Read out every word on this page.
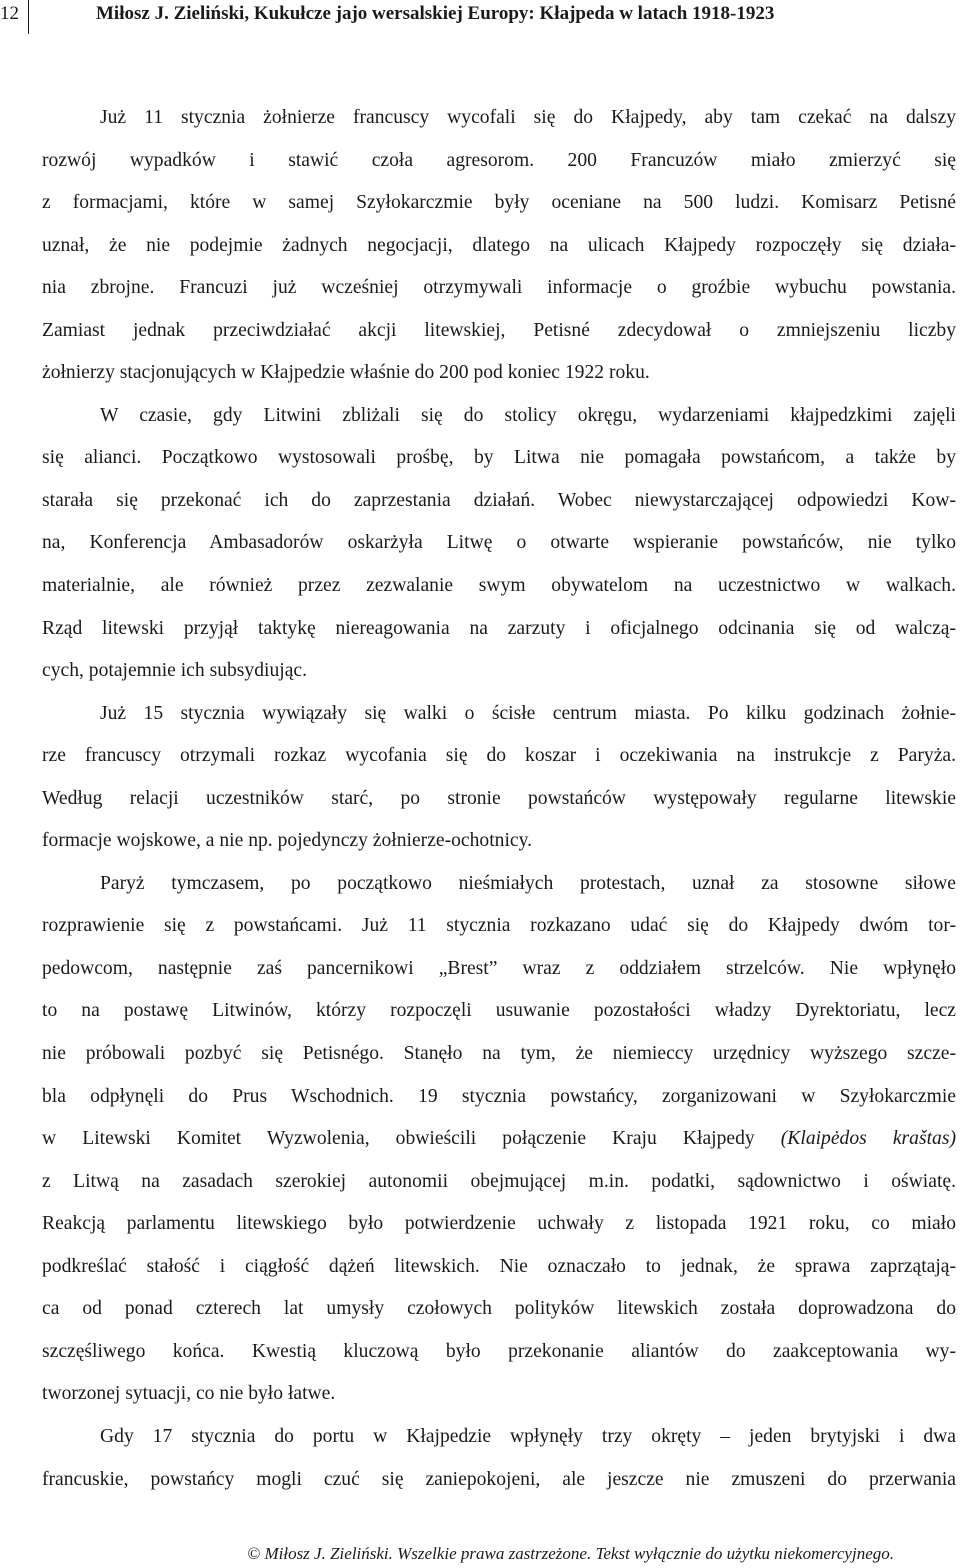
12	Miłosz J. Zieliński, Kukułcze jajo wersalskiej Europy: Kłajpeda w latach 1918-1923
Już 11 stycznia żołnierze francuscy wycofali się do Kłajpedy, aby tam czekać na dalszy
rozwój wypadków i stawić czoła agresorom. 200 Francuzów miało zmierzyć się
z formacjami, które w samej Szyłokarczmie były oceniane na 500 ludzi. Komisarz Petisné
uznał, że nie podejmie żadnych negocjacji, dlatego na ulicach Kłajpedy rozpoczęły się działa-
nia zbrojne. Francuzi już wcześniej otrzymywali informacje o groźbie wybuchu powstania.
Zamiast jednak przeciwdziałać akcji litewskiej, Petisné zdecydował o zmniejszeniu liczby
żołnierzy stacjonujących w Kłajpedzie właśnie do 200 pod koniec 1922 roku.
W czasie, gdy Litwini zbliżali się do stolicy okręgu, wydarzeniami kłajpedzkimi zajęli
się alianci. Początkowo wystosowali prośbę, by Litwa nie pomagała powstańcom, a także by
starała się przekonać ich do zaprzestania działań. Wobec niewystarczającej odpowiedzi Kow-
na, Konferencja Ambasadorów oskarżyła Litwę o otwarte wspieranie powstańców, nie tylko
materialnie, ale również przez zezwalanie swym obywatelom na uczestnictwo w walkach.
Rząd litewski przyjął taktykę niereagowania na zarzuty i oficjalnego odcinania się od walczą-
cych, potajemnie ich subsydiując.
Już 15 stycznia wywiązały się walki o ścisłe centrum miasta. Po kilku godzinach żołnie-
rze francuscy otrzymali rozkaz wycofania się do koszar i oczekiwania na instrukcje z Paryża.
Według relacji uczestników starć, po stronie powstańców występowały regularne litewskie
formacje wojskowe, a nie np. pojedynczy żołnierze-ochotnicy.
Paryż tymczasem, po początkowo nieśmiałych protestach, uznał za stosowne siłowe
rozprawienie się z powstańcami. Już 11 stycznia rozkazano udać się do Kłajpedy dwóm tor-
pedowcom, następnie zaś pancernikowi „Brest” wraz z oddziałem strzelców. Nie wpłynęło
to na postawę Litwinów, którzy rozpoczęli usuwanie pozostałości władzy Dyrektoriatu, lecz
nie próbowali pozbyć się Petisnégo. Stanęło na tym, że niemieccy urzędnicy wyższego szcze-
bla odpłynęli do Prus Wschodnich. 19 stycznia powstańcy, zorganizowani w Szyłokarczmie
w Litewski Komitet Wyzwolenia, obwieścili połączenie Kraju Kłajpedy (Klaipėdos kraštas)
z Litwą na zasadach szerokiej autonomii obejmującej m.in. podatki, sądownictwo i oświatę.
Reakcją parlamentu litewskiego było potwierdzenie uchwały z listopada 1921 roku, co miało
podkreślać stałość i ciągłość dążeń litewskich. Nie oznaczało to jednak, że sprawa zaprzątają-
ca od ponad czterech lat umysły czołowych polityków litewskich została doprowadzona do
szczęśliwego końca. Kwestią kluczową było przekonanie aliantów do zaakceptowania wy-
tworzonej sytuacji, co nie było łatwe.
Gdy 17 stycznia do portu w Kłajpedzie wpłynęły trzy okręty – jeden brytyjski i dwa
francuskie, powstańcy mogli czuć się zaniepokojeni, ale jeszcze nie zmuszeni do przerwania
© Miłosz J. Zieliński. Wszelkie prawa zastrzeżone. Tekst wyłącznie do użytku niekomercyjnego.
